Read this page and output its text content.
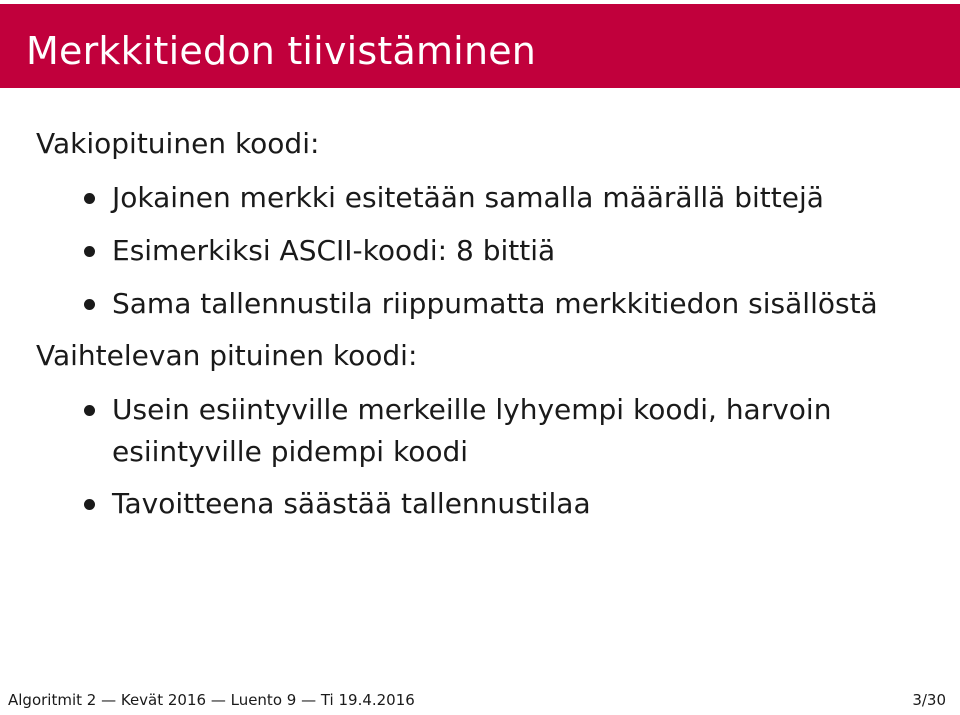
Merkkitiedon tiivistäminen
Vakiopituinen koodi:
Jokainen merkki esitetään samalla määrällä bittejä
Esimerkiksi ASCII-koodi: 8 bittiä
Sama tallennustila riippumatta merkkitiedon sisällöstä
Vaihtelevan pituinen koodi:
Usein esiintyville merkeille lyhyempi koodi, harvoin
esiintyville pidempi koodi
Tavoitteena säästää tallennustilaa
Algoritmit 2 — Kevät 2016 — Luento 9 — Ti 19.4.2016	3/30
